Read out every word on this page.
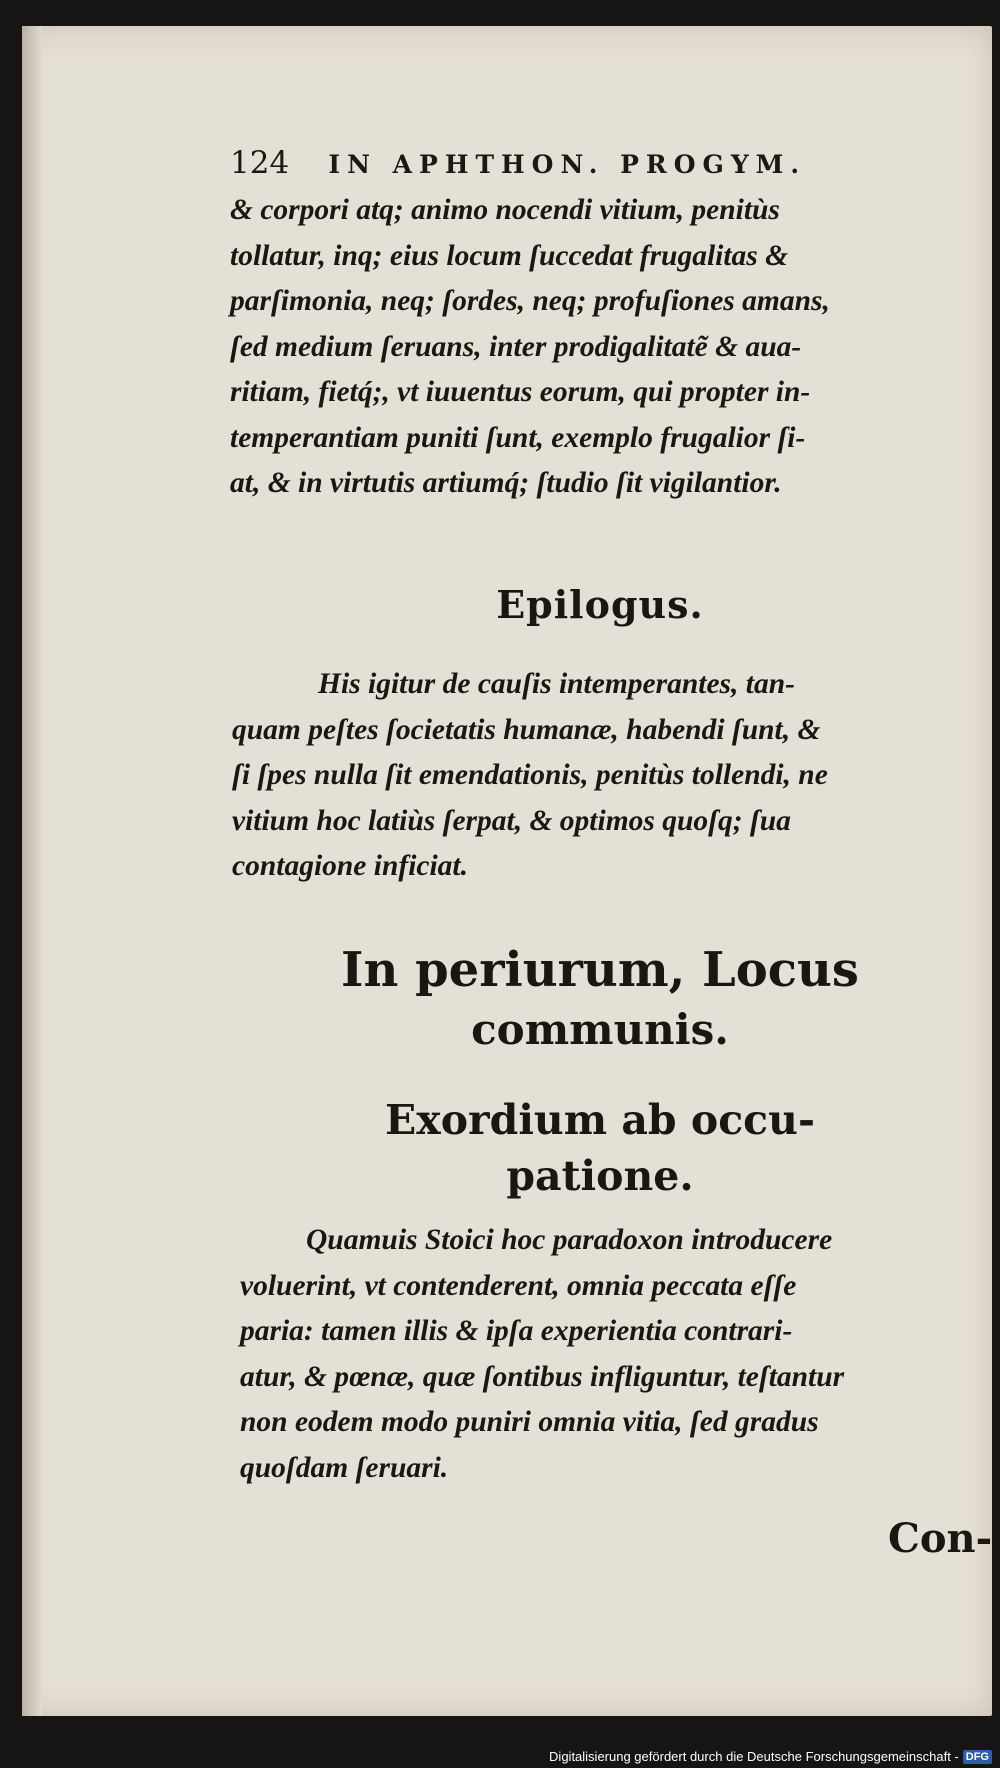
124 IN APHTHON. PROGYM.
& corpori atq; animo nocendi vitium, penitùs
tollatur, inq; eius locum ſuccedat frugalitas &
parſimonia, neq; ſordes, neq; profuſiones amans,
ſed medium ſeruans, inter prodigalitatẽ & aua-
ritiam, fietq́;, vt iuuentus eorum, qui propter in-
temperantiam puniti ſunt, exemplo frugalior ſi-
at, & in virtutis artiumq́; ſtudio ſit vigilantior.
Epilogus.
His igitur de cauſis intemperantes, tan-
quam peſtes ſocietatis humanæ, habendi ſunt, &
ſi ſpes nulla ſit emendationis, penitùs tollendi, ne
vitium hoc latiùs ſerpat, & optimos quoſq; ſua
contagione inficiat.
In periurum, Locus
communis.
Exordium ab occu-
patione.
Quamuis Stoici hoc paradoxon introducere
voluerint, vt contenderent, omnia peccata eſſe
paria: tamen illis & ipſa experientia contrari-
atur, & pœnæ, quæ ſontibus infliguntur, teſtantur
non eodem modo puniri omnia vitia, ſed gradus
quoſdam ſeruari.
Con-
Digitalisierung gefördert durch die Deutsche Forschungsgemeinschaft - DFG
